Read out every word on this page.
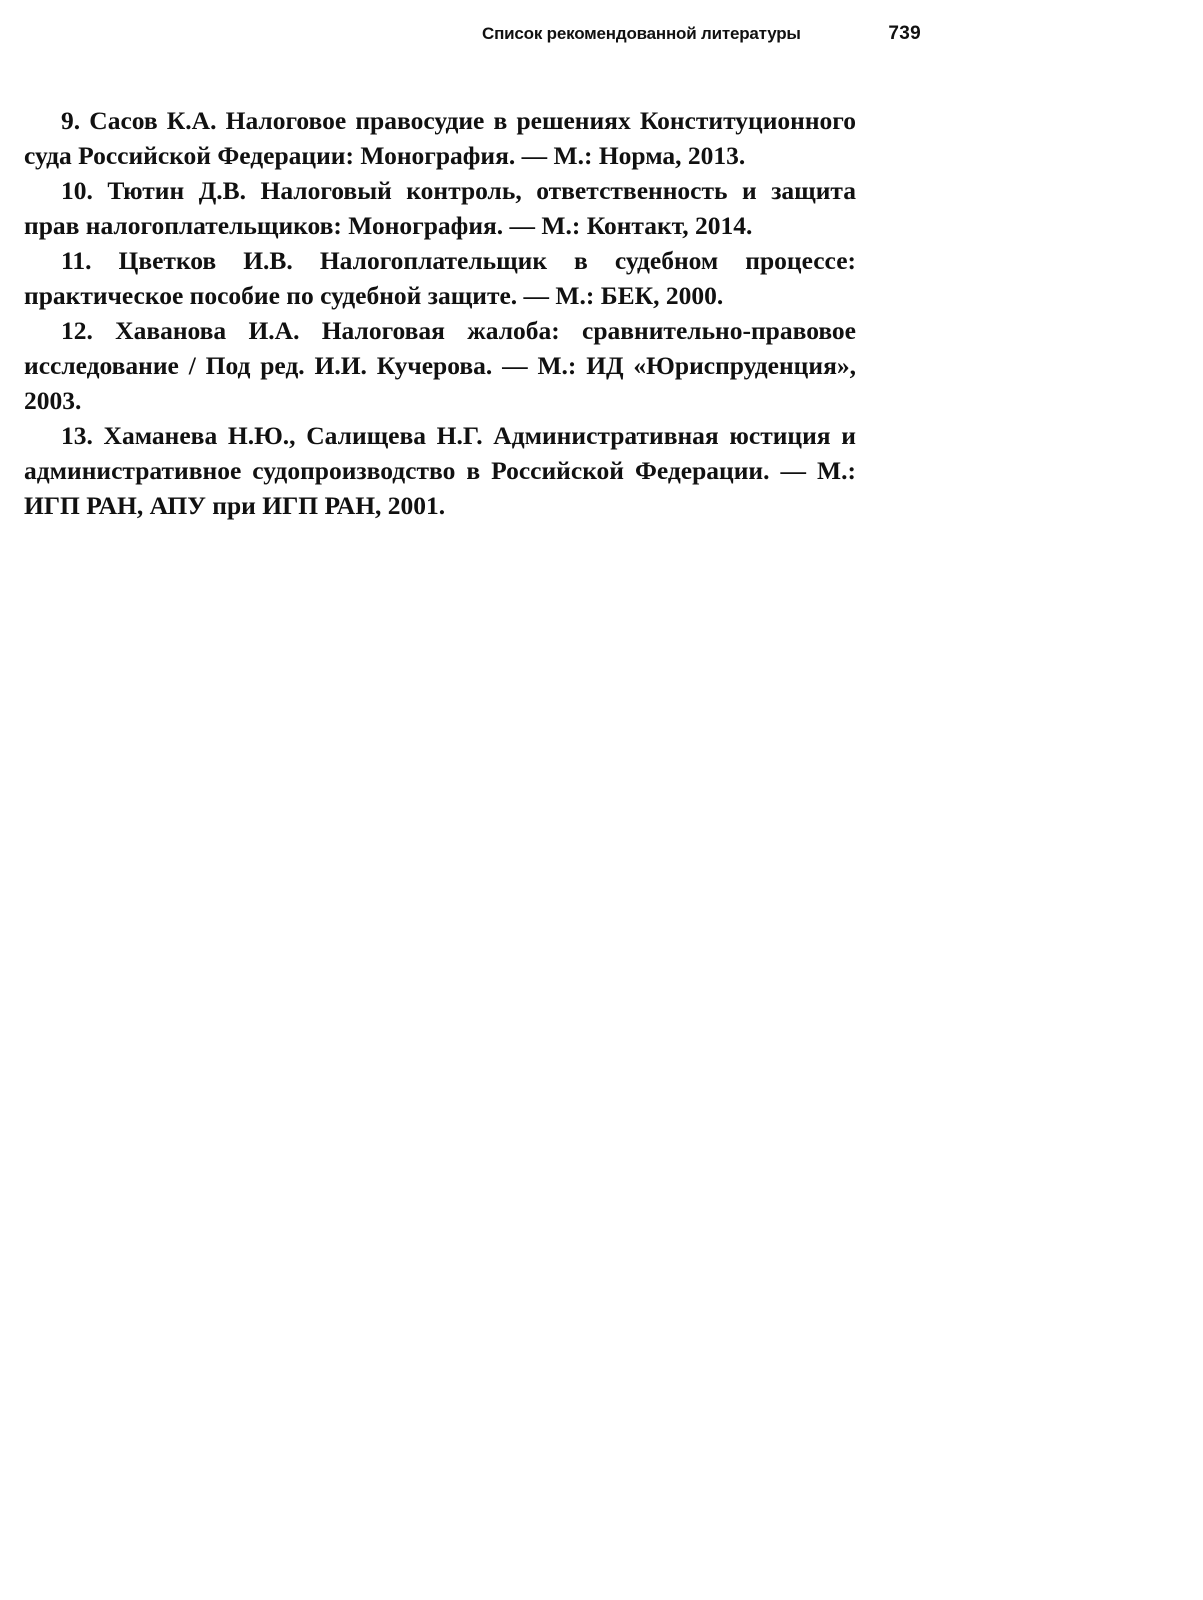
Список рекомендованной литературы	739

9. Сасов К.А. Налоговое правосудие в решениях Конституционного суда Российской Федерации: Монография. — М.: Норма, 2013.

10. Тютин Д.В. Налоговый контроль, ответственность и защита прав налогоплательщиков: Монография. — М.: Контакт, 2014.

11. Цветков И.В. Налогоплательщик в судебном процессе: практическое пособие по судебной защите. — М.: БЕК, 2000.

12. Хаванова И.А. Налоговая жалоба: сравнительно-правовое исследование / Под ред. И.И. Кучерова. — М.: ИД «Юриспруденция», 2003.

13. Хаманева Н.Ю., Салищева Н.Г. Административная юстиция и административное судопроизводство в Российской Федерации. — М.: ИГП РАН, АПУ при ИГП РАН, 2001.
